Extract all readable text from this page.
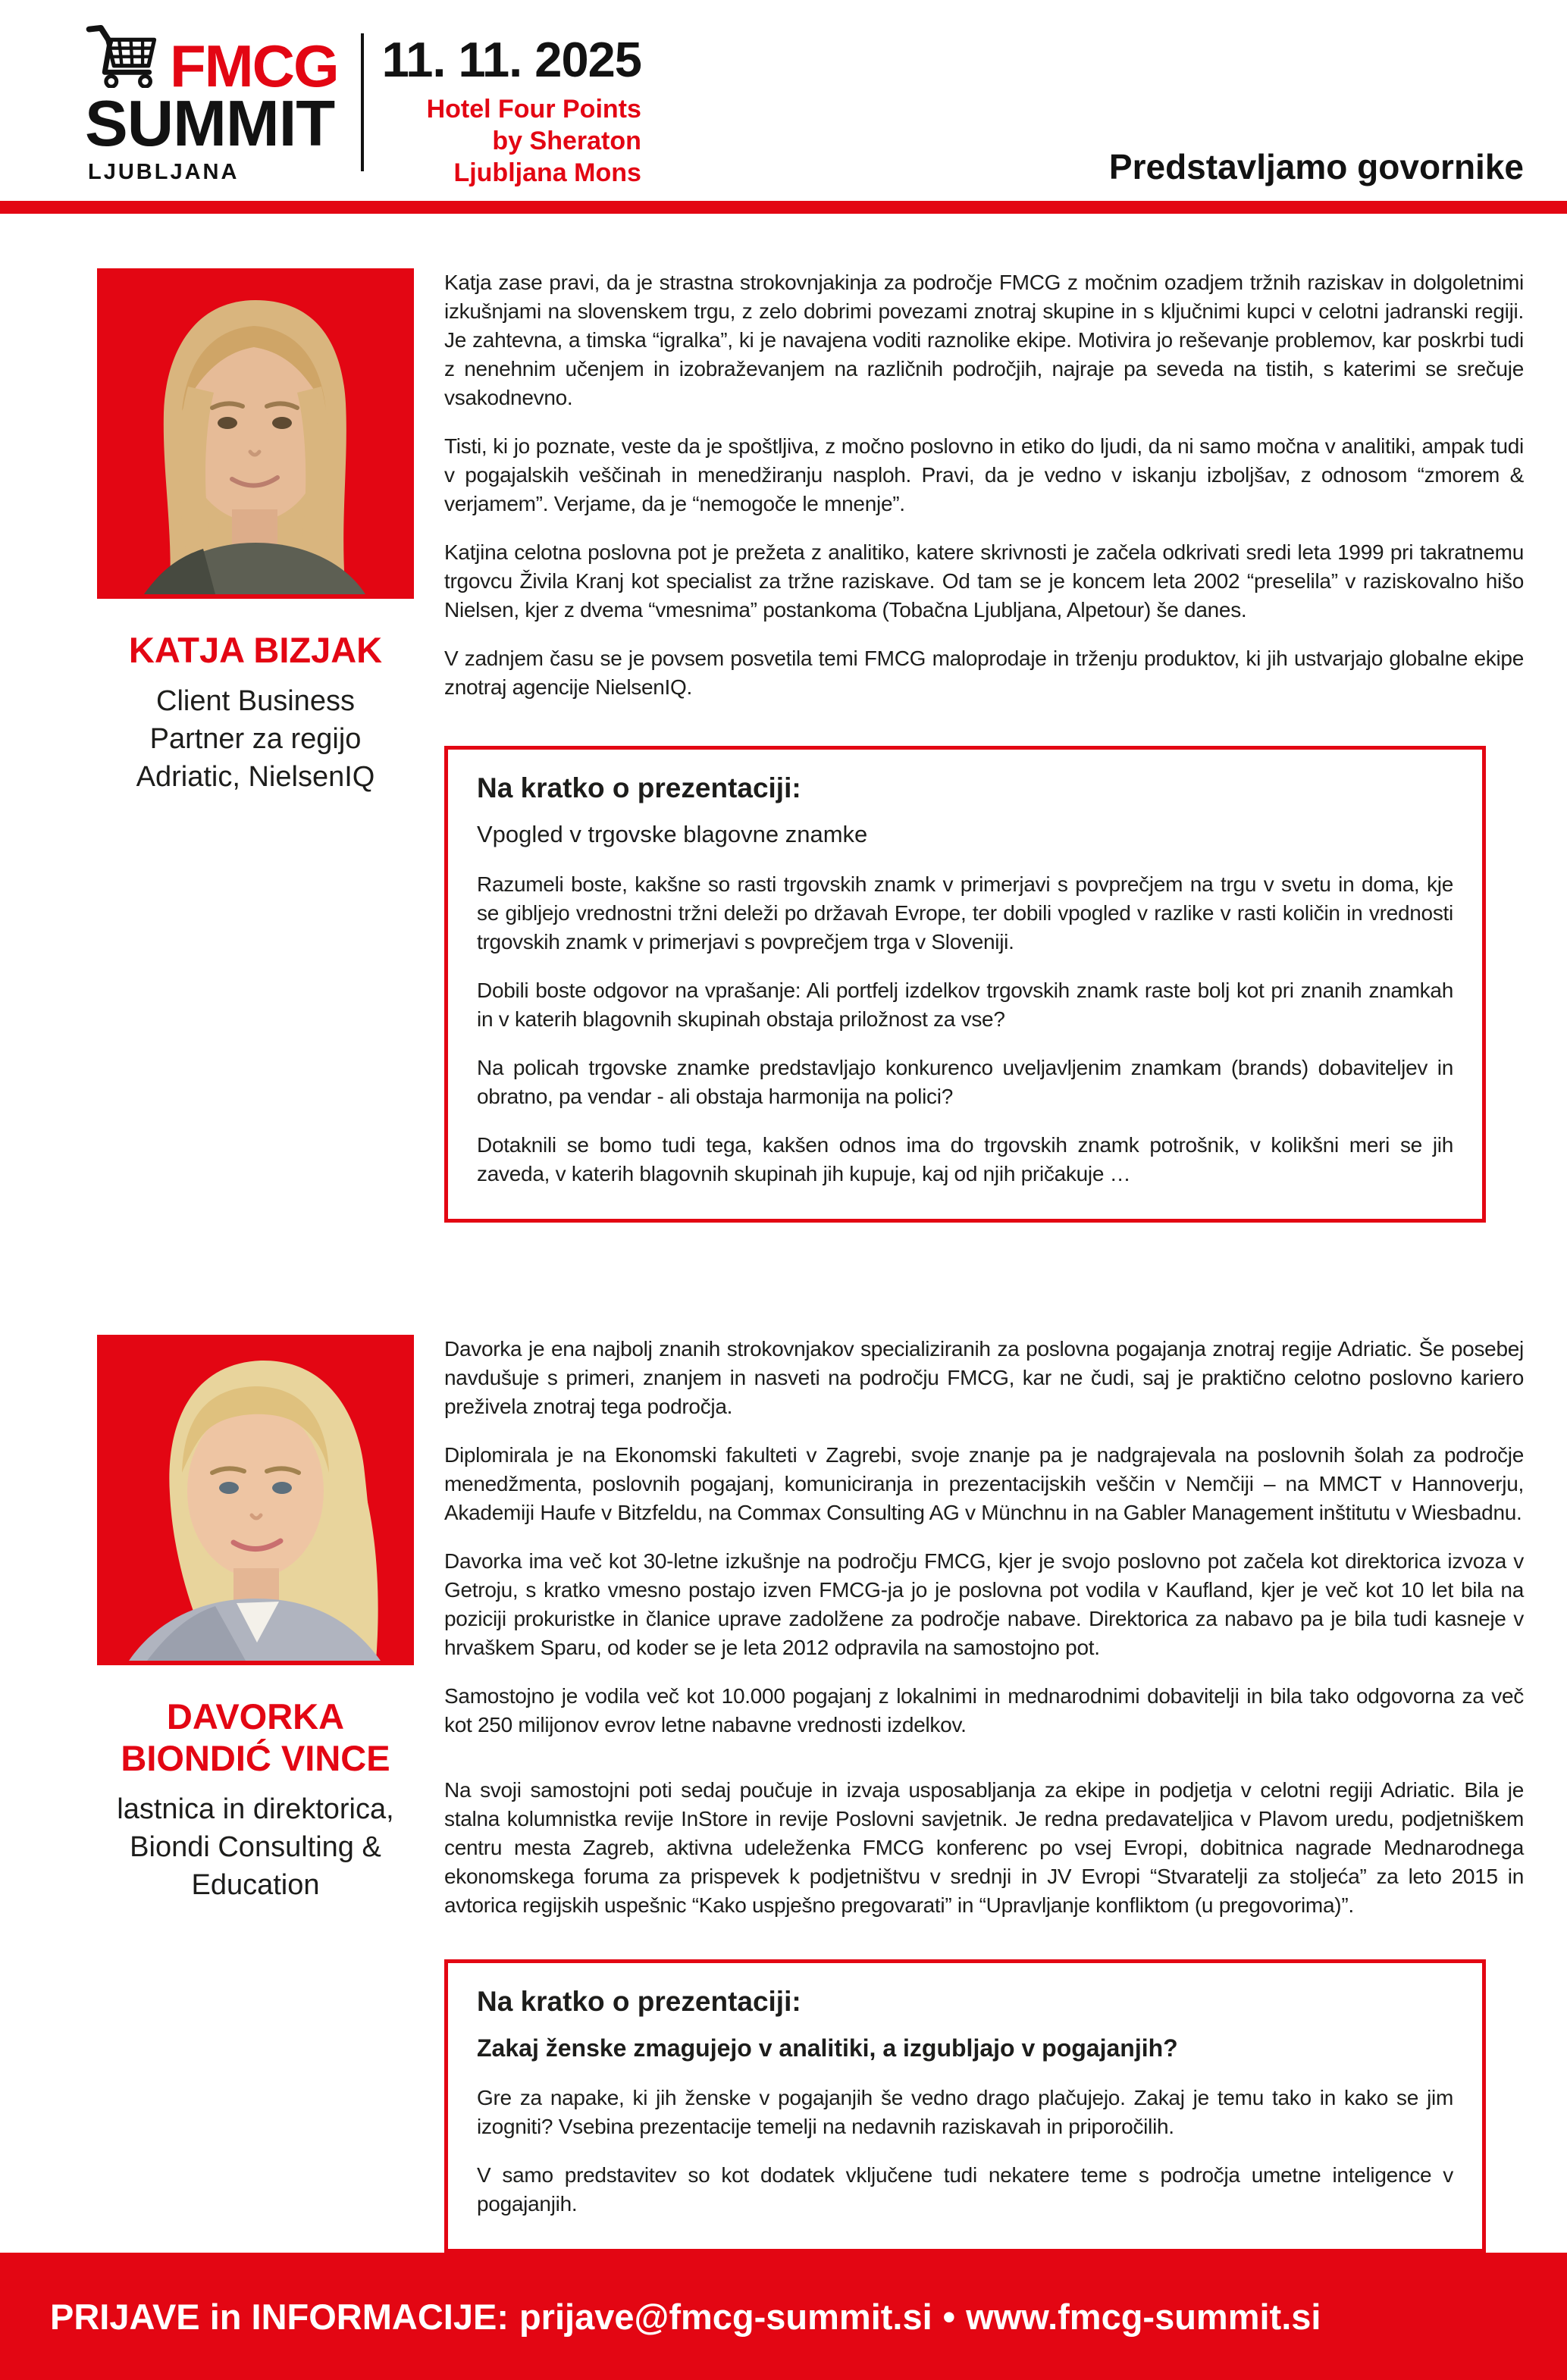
FMCG
SUMMIT
LJUBLJANA
11. 11. 2025
Hotel Four Points
by Sheraton
Ljubljana Mons	Predstavljamo govornike
KATJA BIZJAK
Client Business Partner za regijo Adriatic, NielsenIQ

Katja zase pravi, da je strastna strokovnjakinja za področje FMCG z močnim ozadjem tržnih raziskav in dolgoletnimi izkušnjami na slovenskem trgu, z zelo dobrimi povezami znotraj skupine in s ključnimi kupci v celotni jadranski regiji. Je zahtevna, a timska “igralka”, ki je navajena voditi raznolike ekipe. Motivira jo reševanje problemov, kar poskrbi tudi z nenehnim učenjem in izobraževanjem na različnih področjih, najraje pa seveda na tistih, s katerimi se srečuje vsakodnevno.

Tisti, ki jo poznate, veste da je spoštljiva, z močno poslovno in etiko do ljudi, da ni samo močna v analitiki, ampak tudi v pogajalskih veščinah in menedžiranju nasploh. Pravi, da je vedno v iskanju izboljšav, z odnosom “zmorem & verjamem”. Verjame, da je “nemogoče le mnenje”.

Katjina celotna poslovna pot je prežeta z analitiko, katere skrivnosti je začela odkrivati sredi leta 1999 pri takratnemu trgovcu Živila Kranj kot specialist za tržne raziskave. Od tam se je koncem leta 2002 “preselila” v raziskovalno hišo Nielsen, kjer z dvema “vmesnima” postankoma (Tobačna Ljubljana, Alpetour) še danes.

V zadnjem času se je povsem posvetila temi FMCG maloprodaje in trženju produktov, ki jih ustvarjajo globalne ekipe znotraj agencije NielsenIQ.

Na kratko o prezentaciji:
Vpogled v trgovske blagovne znamke

Razumeli boste, kakšne so rasti trgovskih znamk v primerjavi s povprečjem na trgu v svetu in doma, kje se gibljejo vrednostni tržni deleži po državah Evrope, ter dobili vpogled v razlike v rasti količin in vrednosti trgovskih znamk v primerjavi s povprečjem trga v Sloveniji.

Dobili boste odgovor na vprašanje: Ali portfelj izdelkov trgovskih znamk raste bolj kot pri znanih znamkah in v katerih blagovnih skupinah obstaja priložnost za vse?

Na policah trgovske znamke predstavljajo konkurenco uveljavljenim znamkam (brands) dobaviteljev in obratno, pa vendar - ali obstaja harmonija na polici?

Dotaknili se bomo tudi tega, kakšen odnos ima do trgovskih znamk potrošnik, v kolikšni meri se jih zaveda, v katerih blagovnih skupinah jih kupuje, kaj od njih pričakuje …

DAVORKA BIONDIĆ VINCE
lastnica in direktorica, Biondi Consulting & Education

Davorka je ena najbolj znanih strokovnjakov specializiranih za poslovna pogajanja znotraj regije Adriatic. Še posebej navdušuje s primeri, znanjem in nasveti na področju FMCG, kar ne čudi, saj je praktično celotno poslovno kariero preživela znotraj tega področja.

Diplomirala je na Ekonomski fakulteti v Zagrebi, svoje znanje pa je nadgrajevala na poslovnih šolah za področje menedžmenta, poslovnih pogajanj, komuniciranja in prezentacijskih veščin v Nemčiji – na MMCT v Hannoverju, Akademiji Haufe v Bitzfeldu, na Commax Consulting AG v Münchnu in na Gabler Management inštitutu v Wiesbadnu.

Davorka ima več kot 30-letne izkušnje na področju FMCG, kjer je svojo poslovno pot začela kot direktorica izvoza v Getroju, s kratko vmesno postajo izven FMCG-ja jo je poslovna pot vodila v Kaufland, kjer je več kot 10 let bila na poziciji prokuristke in članice uprave zadolžene za področje nabave. Direktorica za nabavo pa je bila tudi kasneje v hrvaškem Sparu, od koder se je leta 2012 odpravila na samostojno pot.

Samostojno je vodila več kot 10.000 pogajanj z lokalnimi in mednarodnimi dobavitelji in bila tako odgovorna za več kot 250 milijonov evrov letne nabavne vrednosti izdelkov.

Na svoji samostojni poti sedaj poučuje in izvaja usposabljanja za ekipe in podjetja v celotni regiji Adriatic. Bila je stalna kolumnistka revije InStore in revije Poslovni savjetnik. Je redna predavateljica v Plavom uredu, podjetniškem centru mesta Zagreb, aktivna udeleženka FMCG konferenc po vsej Evropi, dobitnica nagrade Mednarodnega ekonomskega foruma za prispevek k podjetništvu v srednji in JV Evropi “Stvaratelji za stoljeća” za leto 2015 in avtorica regijskih uspešnic “Kako uspješno pregovarati” in “Upravljanje konfliktom (u pregovorima)”.

Na kratko o prezentaciji:
Zakaj ženske zmagujejo v analitiki, a izgubljajo v pogajanjih?

Gre za napake, ki jih ženske v pogajanjih še vedno drago plačujejo. Zakaj je temu tako in kako se jim izogniti? Vsebina prezentacije temelji na nedavnih raziskavah in priporočilih.

V samo predstavitev so kot dodatek vključene tudi nekatere teme s področja umetne inteligence v pogajanjih.

PRIJAVE in INFORMACIJE: prijave@fmcg-summit.si • www.fmcg-summit.si
